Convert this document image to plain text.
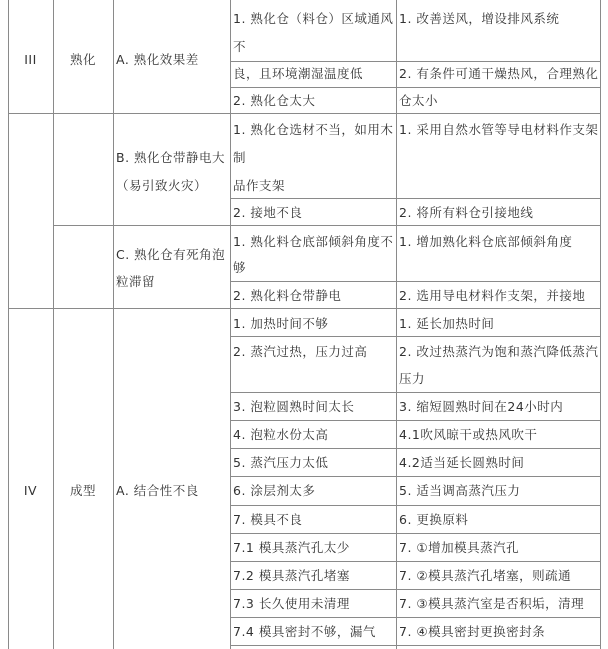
III	熟化
IV	成型
A. 熟化效果差
B. 熟化仓带静电大
（易引致火灾）
C. 熟化仓有死角泡
粒滞留
A. 结合性不良
1. 熟化仓（料仓）区域通风
不
良，且环境潮湿温度低
2. 熟化仓太大
1. 熟化仓选材不当，如用木
制
品作支架
2. 接地不良
1. 熟化料仓底部倾斜角度不
够
2. 熟化料仓带静电
1. 加热时间不够
2. 蒸汽过热，压力过高
3. 泡粒圆熟时间太长
4. 泡粒水份太高
5. 蒸汽压力太低
6. 涂层剂太多
7. 模具不良
7.1 模具蒸汽孔太少
7.2 模具蒸汽孔堵塞
7.3 长久使用未清理
7.4 模具密封不够，漏气
1. 改善送风，增设排风系统
2. 有条件可通干燥热风，合理熟化
仓太小
1. 采用自然水管等导电材料作支架
2. 将所有料仓引接地线
1. 增加熟化料仓底部倾斜角度
2. 选用导电材料作支架，并接地
1. 延长加热时间
2. 改过热蒸汽为饱和蒸汽降低蒸汽
压力
3. 缩短圆熟时间在24小时内
4.1吹风晾干或热风吹干
4.2适当延长圆熟时间
5. 适当调高蒸汽压力
6. 更换原料
7. ①增加模具蒸汽孔
7. ②模具蒸汽孔堵塞，则疏通
7. ③模具蒸汽室是否积垢，清理
7. ④模具密封更换密封条
